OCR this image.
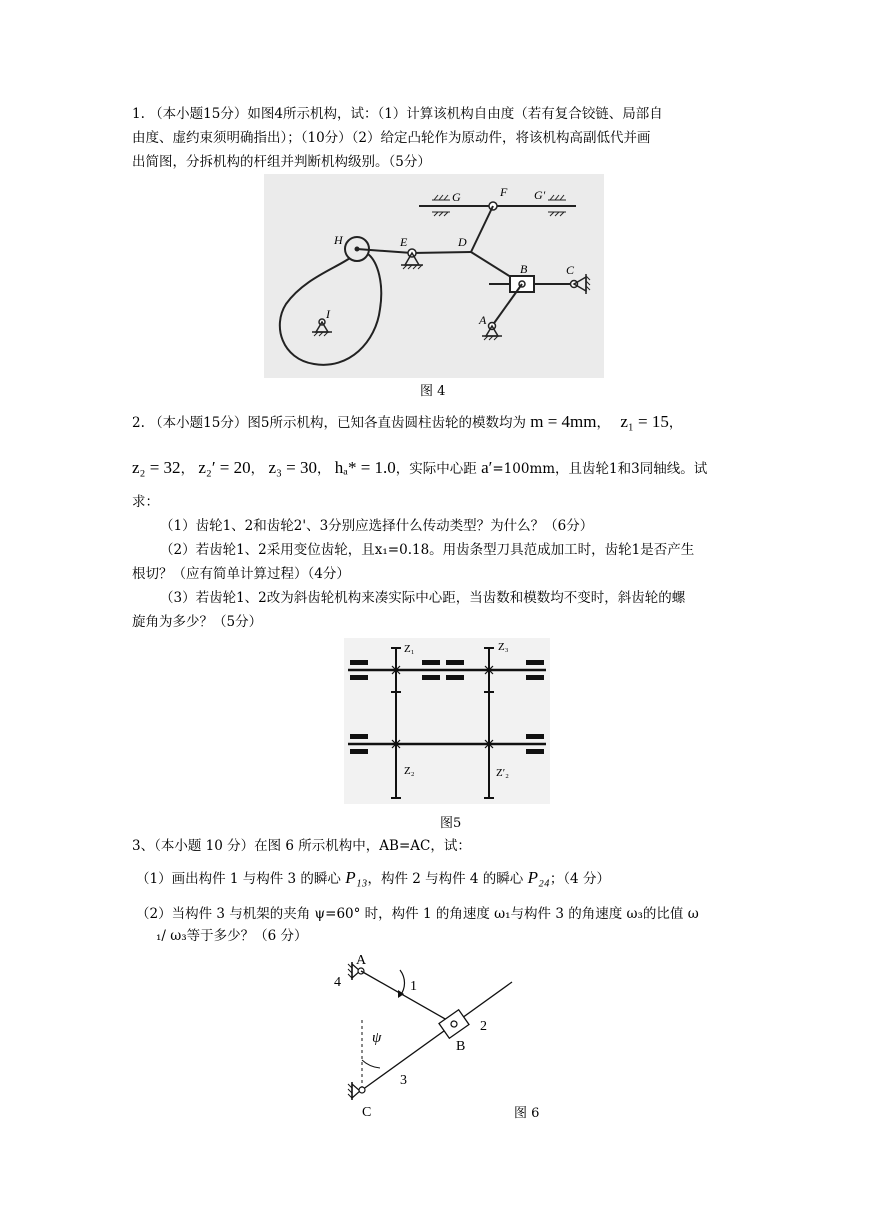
1. （本小题15分）如图4所示机构，试：（1）计算该机构自由度（若有复合铰链、局部自
由度、虚约束须明确指出）；（10分）（2）给定凸轮作为原动件，将该机构高副低代并画
出简图，分拆机构的杆组并判断机构级别。（5分）
G	F G'
H	E	D
B	C
A
I
图 4
2. （本小题15分）图5所示机构，已知各直齿圆柱齿轮的模数均为 m = 4mm， z₁ = 15，
z₂ = 32， z₂′ = 20， z₃ = 30， hₐ* = 1.0，实际中心距 a′=100mm，且齿轮1和3同轴线。试
求：
（1）齿轮1、2和齿轮2'、3分别应选择什么传动类型？为什么？（6分）
（2）若齿轮1、2采用变位齿轮，且x₁=0.18。用齿条型刀具范成加工时，齿轮1是否产生
根切？（应有简单计算过程）（4分）
（3）若齿轮1、2改为斜齿轮机构来凑实际中心距，当齿数和模数均不变时，斜齿轮的螺
旋角为多少？（5分）
Z₁
Z₂
Z₃
Z′₂
图5
3、（本小题 10 分）在图 6 所示机构中，AB=AC，试：
（1）画出构件 1 与构件 3 的瞬心 P₁₃，构件 2 与构件 4 的瞬心 P₂₄；（4 分）
（2）当构件 3 与机架的夹角 ψ=60° 时，构件 1 的角速度 ω₁与构件 3 的角速度 ω₃的比值 ω
₁/ ω₃等于多少？（6 分）
A
4	1
3
2
B
ψ
C	图 6
